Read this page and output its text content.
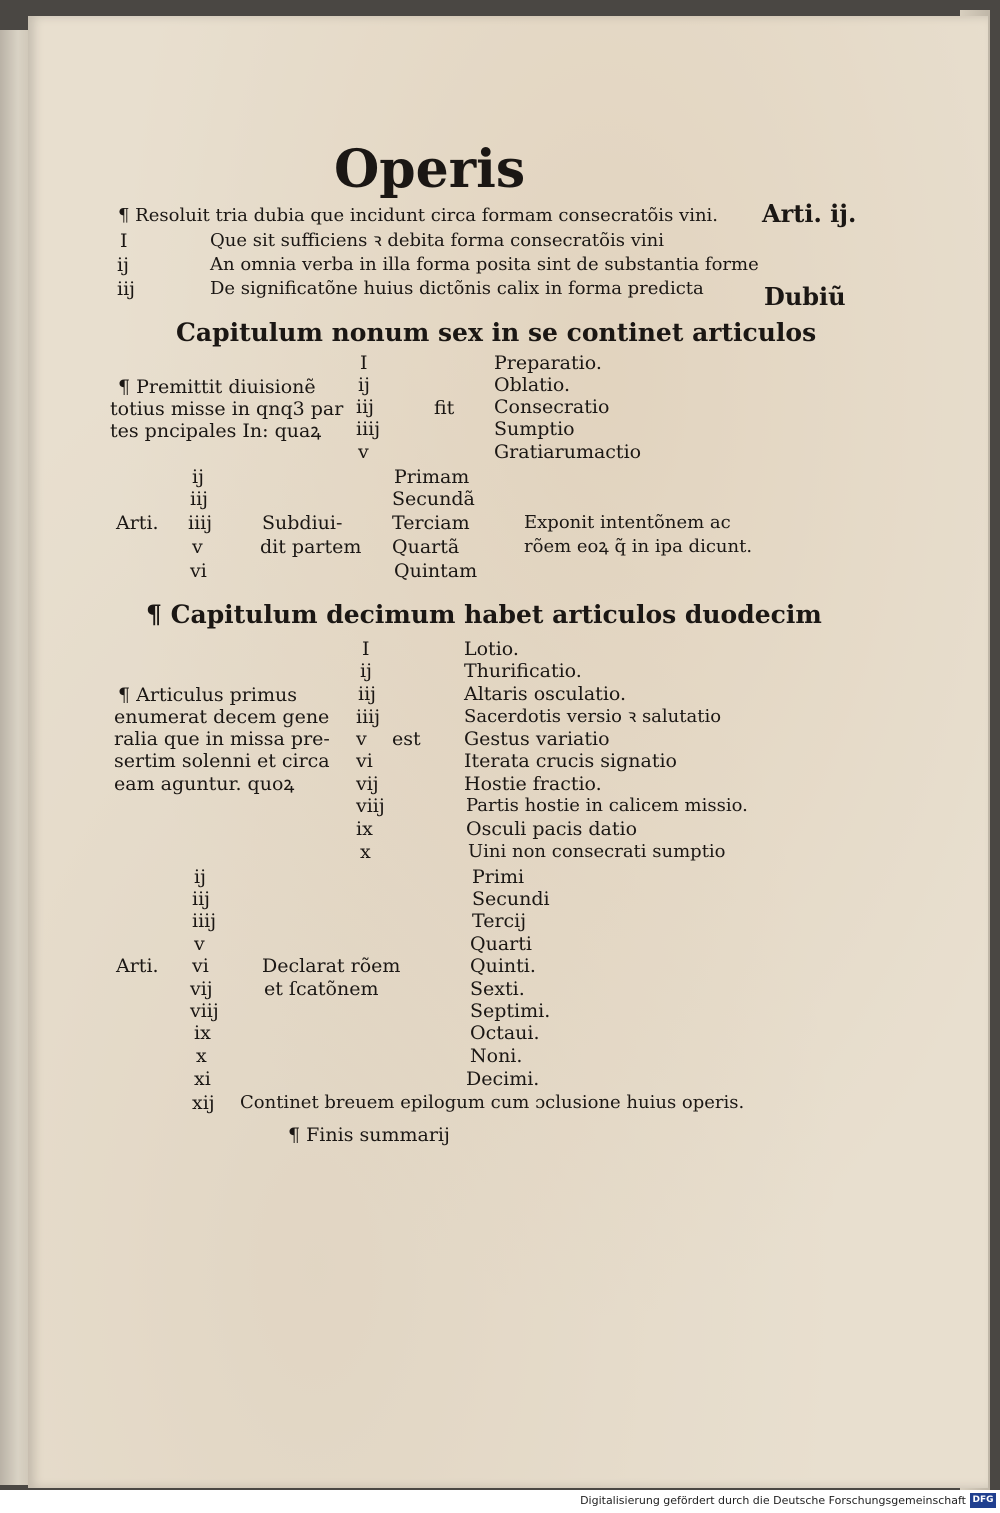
Operis
¶ Resoluit tria dubia que incidunt circa formam consecratõis vini. Arti. ij.
I
ij
iij
Que sit sufficiens ꝛ debita forma consecratõis vini
An omnia verba in illa forma posita sint de substantia forme
De significatõne huius dictõnis calix in forma predicta	Dubiũ
Capitulum nonum sex in se continet articulos
I
ij
iij
iiij
v
fit
Preparatio.
Oblatio.
Consecratio
Sumptio
Gratiarumactio
¶ Premittit diuisionẽ
totius misse in qnq3 par
tes pncipales In: quaꝝ
ij
iij
Arti. iiij
v
vi
Subdiui-
dit partem
Primam
Secundã
Terciam
Quartã
Quintam
Exponit intentõnem ac
rõem eoꝝ q̃ in ipa dicunt.
¶ Capitulum decimum habet articulos duodecim
I
ij
iij
iiij
v
vi
vij
viij
ix
x
est
Lotio.
Thurificatio.
Altaris osculatio.
Sacerdotis versio ꝛ salutatio
Gestus variatio
Iterata crucis signatio
Hostie fractio.
Partis hostie in calicem missio.
Osculi pacis datio
Uini non consecrati sumptio
¶ Articulus primus
enumerat decem gene
ralia que in missa pre-
sertim solenni et circa
eam aguntur. quoꝝ
ij
iij
iiij
v
Arti. vi
vij
viij
ix
x
xi
xij
Declarat rõem
et ſcatõnem
Primi
Secundi
Tercij
Quarti
Quinti.
Sexti.
Septimi.
Octaui.
Noni.
Decimi.
Continet breuem epilogum cum ɔclusione huius operis.
¶ Finis summarij
Digitalisierung gefördert durch die Deutsche Forschungsgemeinschaft DFG
